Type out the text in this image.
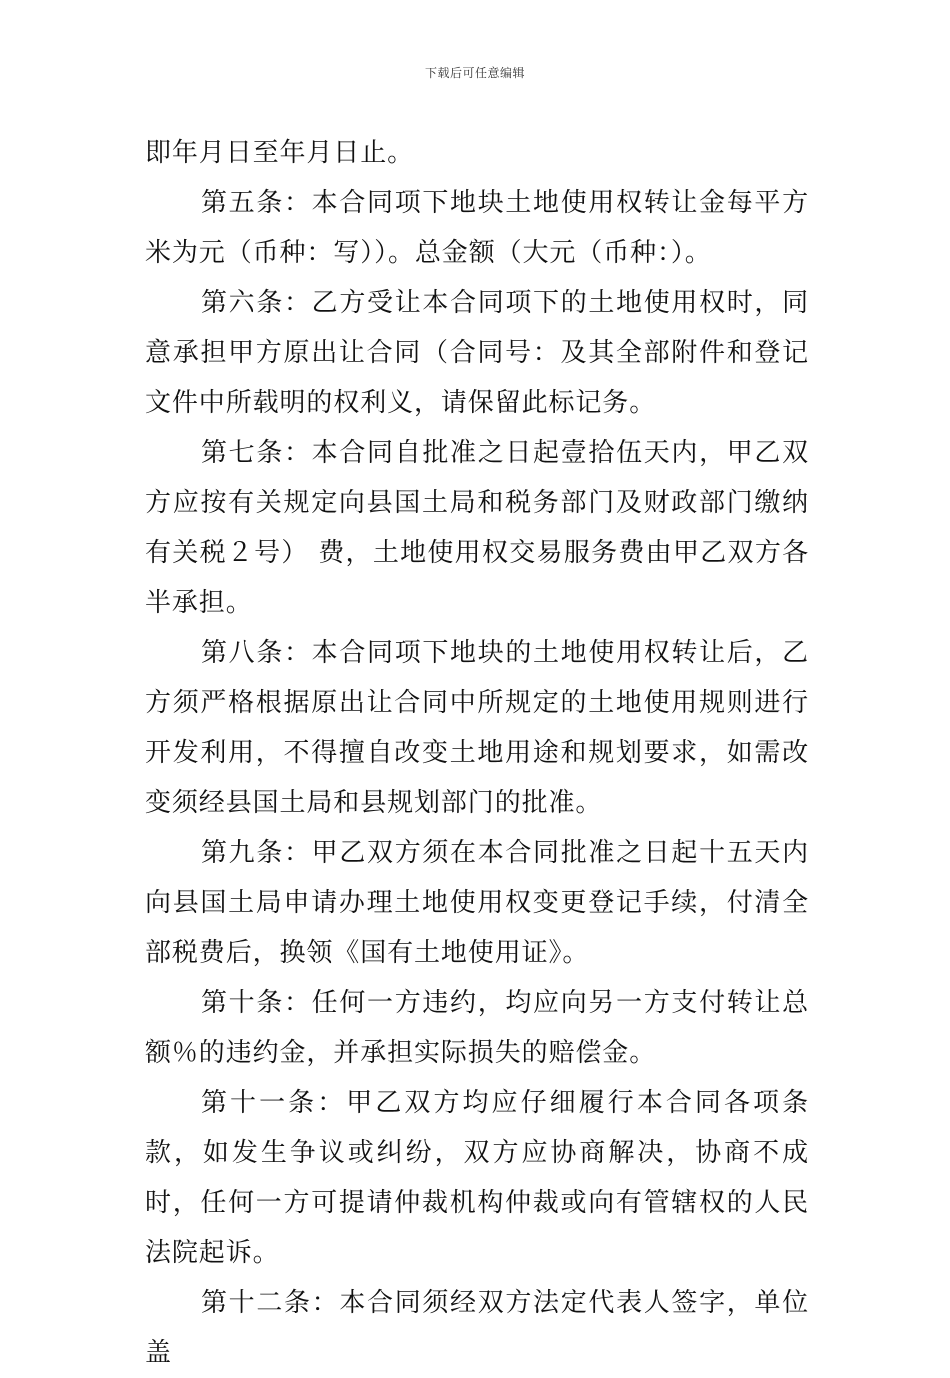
下载后可任意编辑

即年月日至年月日止。

第五条：本合同项下地块土地使用权转让金每平方米为元（币种：写））。总金额（大元（币种：）。

第六条：乙方受让本合同项下的土地使用权时，同意承担甲方原出让合同（合同号：及其全部附件和登记文件中所载明的权利义，请保留此标记务。

第七条：本合同自批准之日起壹拾伍天内，甲乙双方应按有关规定向县国土局和税务部门及财政部门缴纳有关税２号） 费，土地使用权交易服务费由甲乙双方各半承担。

第八条：本合同项下地块的土地使用权转让后，乙方须严格根据原出让合同中所规定的土地使用规则进行开发利用，不得擅自改变土地用途和规划要求，如需改变须经县国土局和县规划部门的批准。

第九条：甲乙双方须在本合同批准之日起十五天内向县国土局申请办理土地使用权变更登记手续，付清全部税费后，换领《国有土地使用证》。

第十条：任何一方违约，均应向另一方支付转让总额％的违约金，并承担实际损失的赔偿金。

第十一条：甲乙双方均应仔细履行本合同各项条款，如发生争议或纠纷，双方应协商解决，协商不成时，任何一方可提请仲裁机构仲裁或向有管辖权的人民法院起诉。

第十二条：本合同须经双方法定代表人签字，单位盖
